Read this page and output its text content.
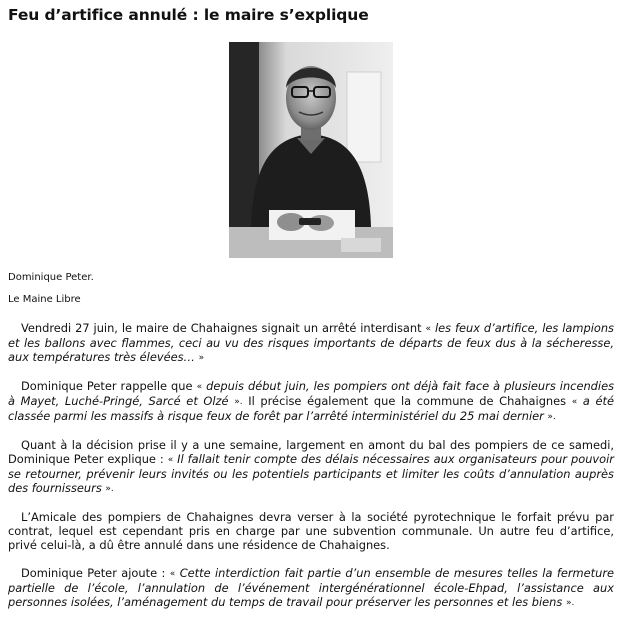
Feu d’artifice annulé : le maire s’explique

Dominique Peter.

Le Maine Libre

Vendredi 27 juin, le maire de Chahaignes signait un arrêté interdisant « les feux d’artifice, les lampions et les ballons avec flammes, ceci au vu des risques importants de départs de feux dus à la sécheresse, aux températures très élevées… »

Dominique Peter rappelle que « depuis début juin, les pompiers ont déjà fait face à plusieurs incendies à Mayet, Luché-Pringé, Sarcé et Olzé ». Il précise également que la commune de Chahaignes « a été classée parmi les massifs à risque feux de forêt par l’arrêté interministériel du 25 mai dernier ».

Quant à la décision prise il y a une semaine, largement en amont du bal des pompiers de ce samedi, Dominique Peter explique : « Il fallait tenir compte des délais nécessaires aux organisateurs pour pouvoir se retourner, prévenir leurs invités ou les potentiels participants et limiter les coûts d’annulation auprès des fournisseurs ».

L’Amicale des pompiers de Chahaignes devra verser à la société pyrotechnique le forfait prévu par contrat, lequel est cependant pris en charge par une subvention communale. Un autre feu d’artifice, privé celui-là, a dû être annulé dans une résidence de Chahaignes.

Dominique Peter ajoute : « Cette interdiction fait partie d’un ensemble de mesures telles la fermeture partielle de l’école, l’annulation de l’événement intergénérationnel école-Ehpad, l’assistance aux personnes isolées, l’aménagement du temps de travail pour préserver les personnes et les biens ».
